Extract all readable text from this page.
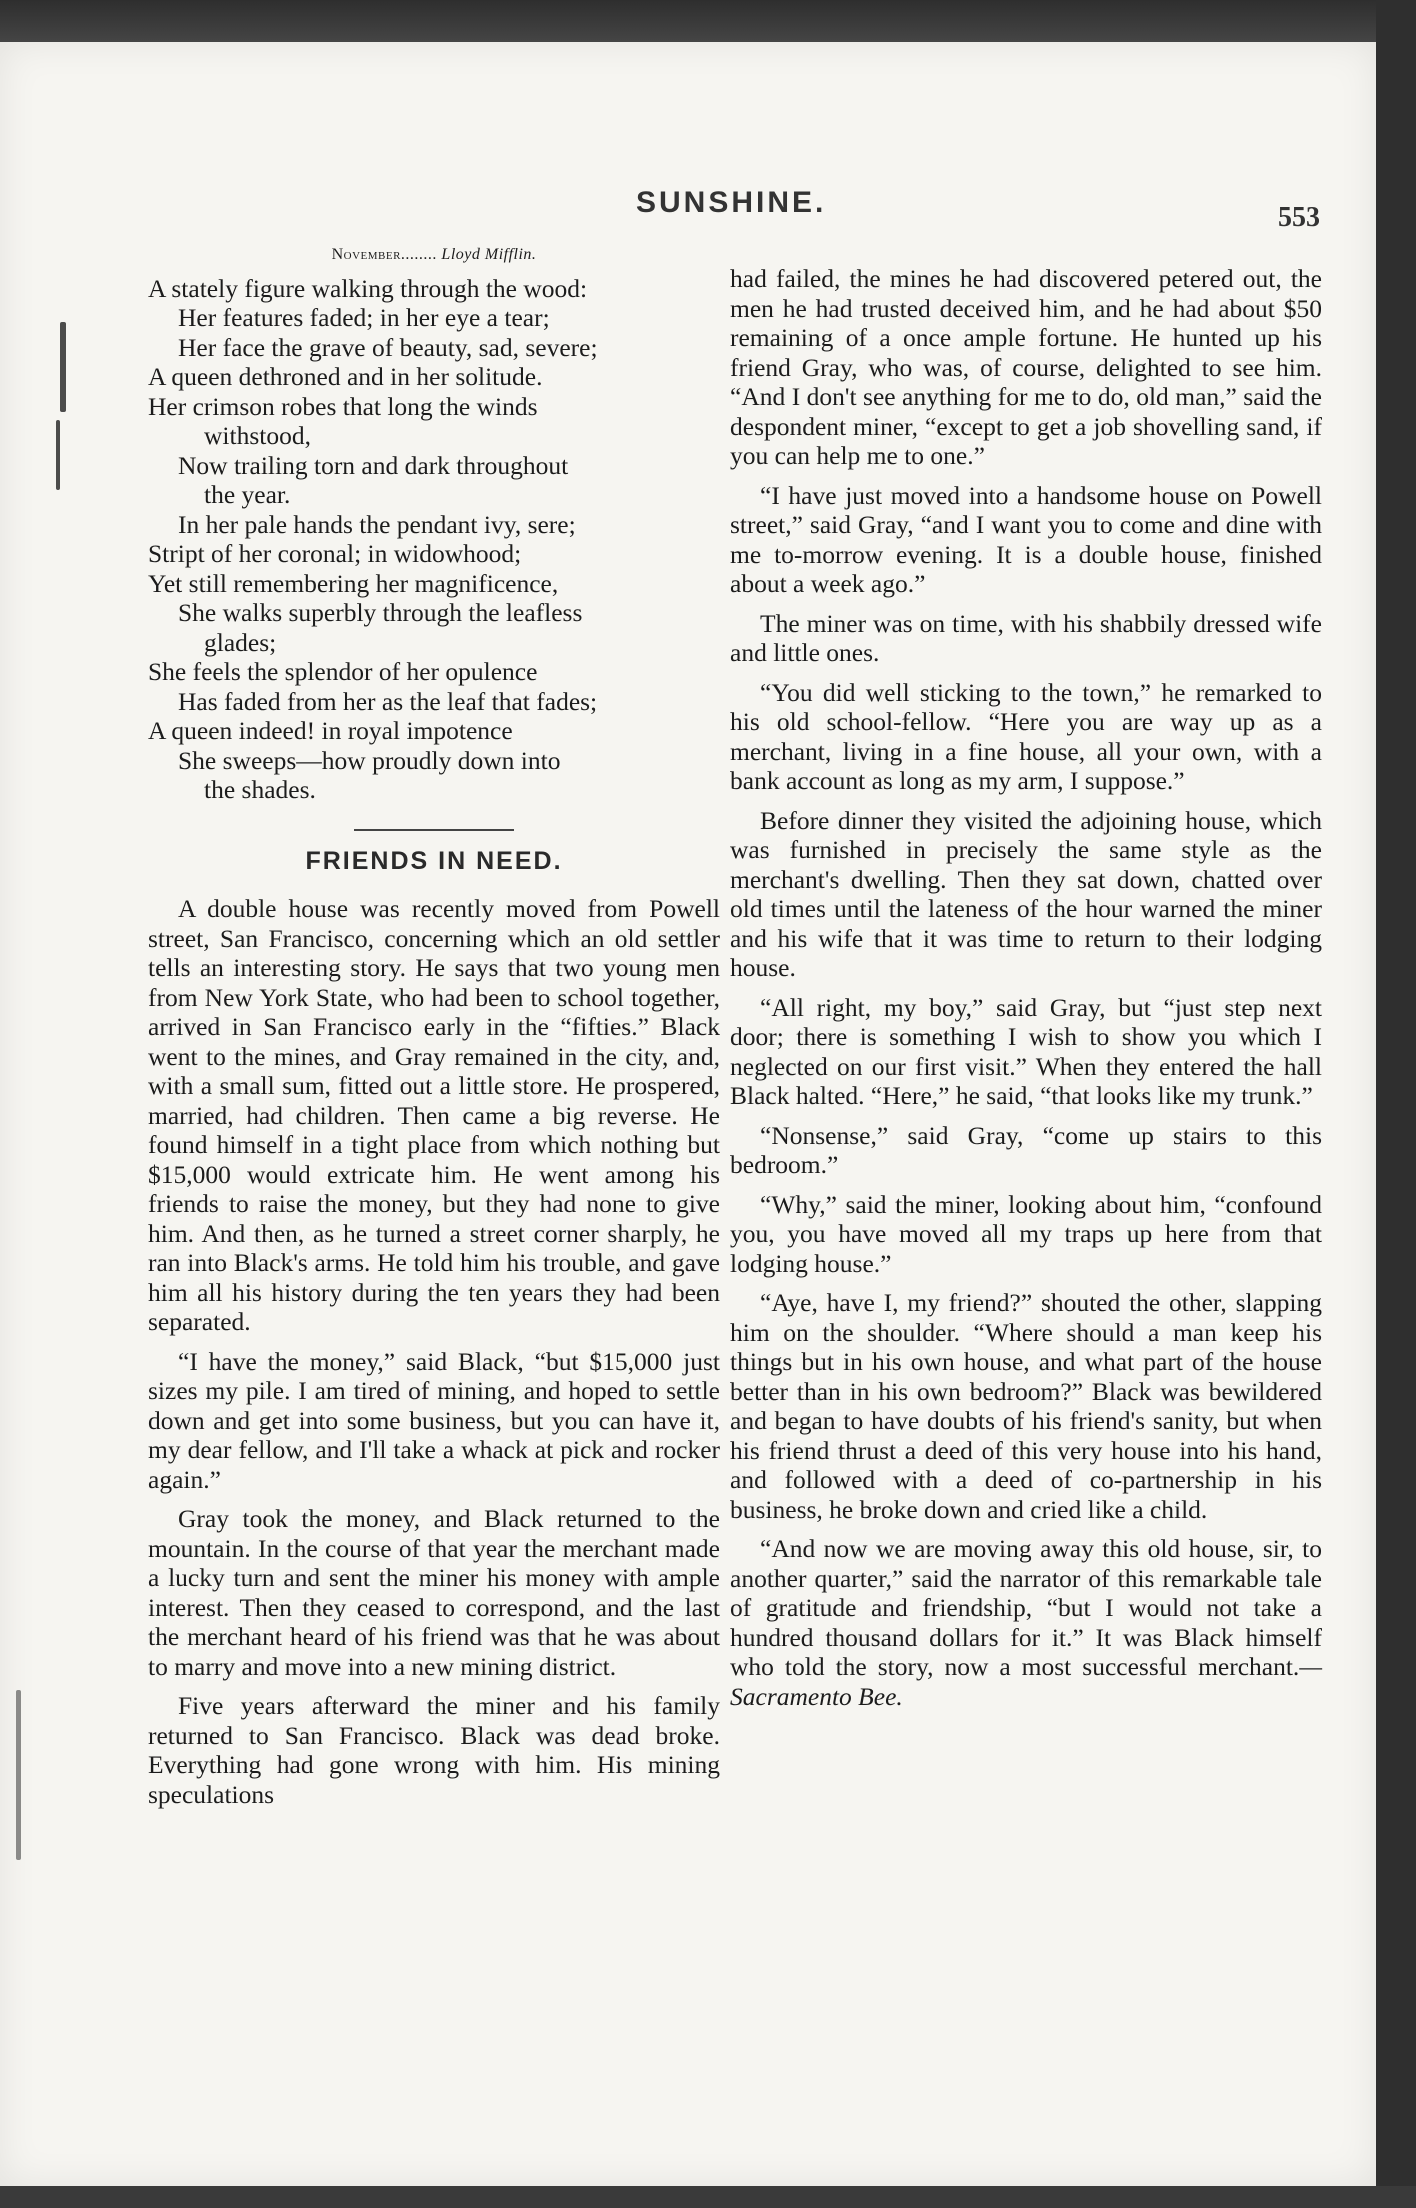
SUNSHINE.	553

November........ Lloyd Mifflin.

A stately figure walking through the wood:

Her features faded; in her eye a tear;

Her face the grave of beauty, sad, severe;

A queen dethroned and in her solitude.

Her crimson robes that long the winds

withstood,

Now trailing torn and dark throughout

the year.

In her pale hands the pendant ivy, sere;

Stript of her coronal; in widowhood;

Yet still remembering her magnificence,

She walks superbly through the leafless

glades;

She feels the splendor of her opulence

Has faded from her as the leaf that fades;

A queen indeed! in royal impotence

She sweeps—how proudly down into

the shades.

FRIENDS IN NEED.

A double house was recently moved from Powell street, San Francisco, concerning which an old settler tells an interesting story. He says that two young men from New York State, who had been to school together, arrived in San Francisco early in the “fifties.” Black went to the mines, and Gray remained in the city, and, with a small sum, fitted out a little store. He prospered, married, had children. Then came a big reverse. He found himself in a tight place from which nothing but $15,000 would extricate him. He went among his friends to raise the money, but they had none to give him. And then, as he turned a street corner sharply, he ran into Black's arms. He told him his trouble, and gave him all his history during the ten years they had been separated.

“I have the money,” said Black, “but $15,000 just sizes my pile. I am tired of mining, and hoped to settle down and get into some business, but you can have it, my dear fellow, and I'll take a whack at pick and rocker again.”

Gray took the money, and Black returned to the mountain. In the course of that year the merchant made a lucky turn and sent the miner his money with ample interest. Then they ceased to correspond, and the last the merchant heard of his friend was that he was about to marry and move into a new mining district.

Five years afterward the miner and his family returned to San Francisco. Black was dead broke. Everything had gone wrong with him. His mining speculations

had failed, the mines he had discovered petered out, the men he had trusted deceived him, and he had about $50 remaining of a once ample fortune. He hunted up his friend Gray, who was, of course, delighted to see him. “And I don't see anything for me to do, old man,” said the despondent miner, “except to get a job shovelling sand, if you can help me to one.”

“I have just moved into a handsome house on Powell street,” said Gray, “and I want you to come and dine with me to-morrow evening. It is a double house, finished about a week ago.”

The miner was on time, with his shabbily dressed wife and little ones.

“You did well sticking to the town,” he remarked to his old school-fellow. “Here you are way up as a merchant, living in a fine house, all your own, with a bank account as long as my arm, I suppose.”

Before dinner they visited the adjoining house, which was furnished in precisely the same style as the merchant's dwelling. Then they sat down, chatted over old times until the lateness of the hour warned the miner and his wife that it was time to return to their lodging house.

“All right, my boy,” said Gray, but “just step next door; there is something I wish to show you which I neglected on our first visit.” When they entered the hall Black halted. “Here,” he said, “that looks like my trunk.”

“Nonsense,” said Gray, “come up stairs to this bedroom.”

“Why,” said the miner, looking about him, “confound you, you have moved all my traps up here from that lodging house.”

“Aye, have I, my friend?” shouted the other, slapping him on the shoulder. “Where should a man keep his things but in his own house, and what part of the house better than in his own bedroom?” Black was bewildered and began to have doubts of his friend's sanity, but when his friend thrust a deed of this very house into his hand, and followed with a deed of co-partnership in his business, he broke down and cried like a child.

“And now we are moving away this old house, sir, to another quarter,” said the narrator of this remarkable tale of gratitude and friendship, “but I would not take a hundred thousand dollars for it.” It was Black himself who told the story, now a most successful merchant.—Sacramento Bee.
